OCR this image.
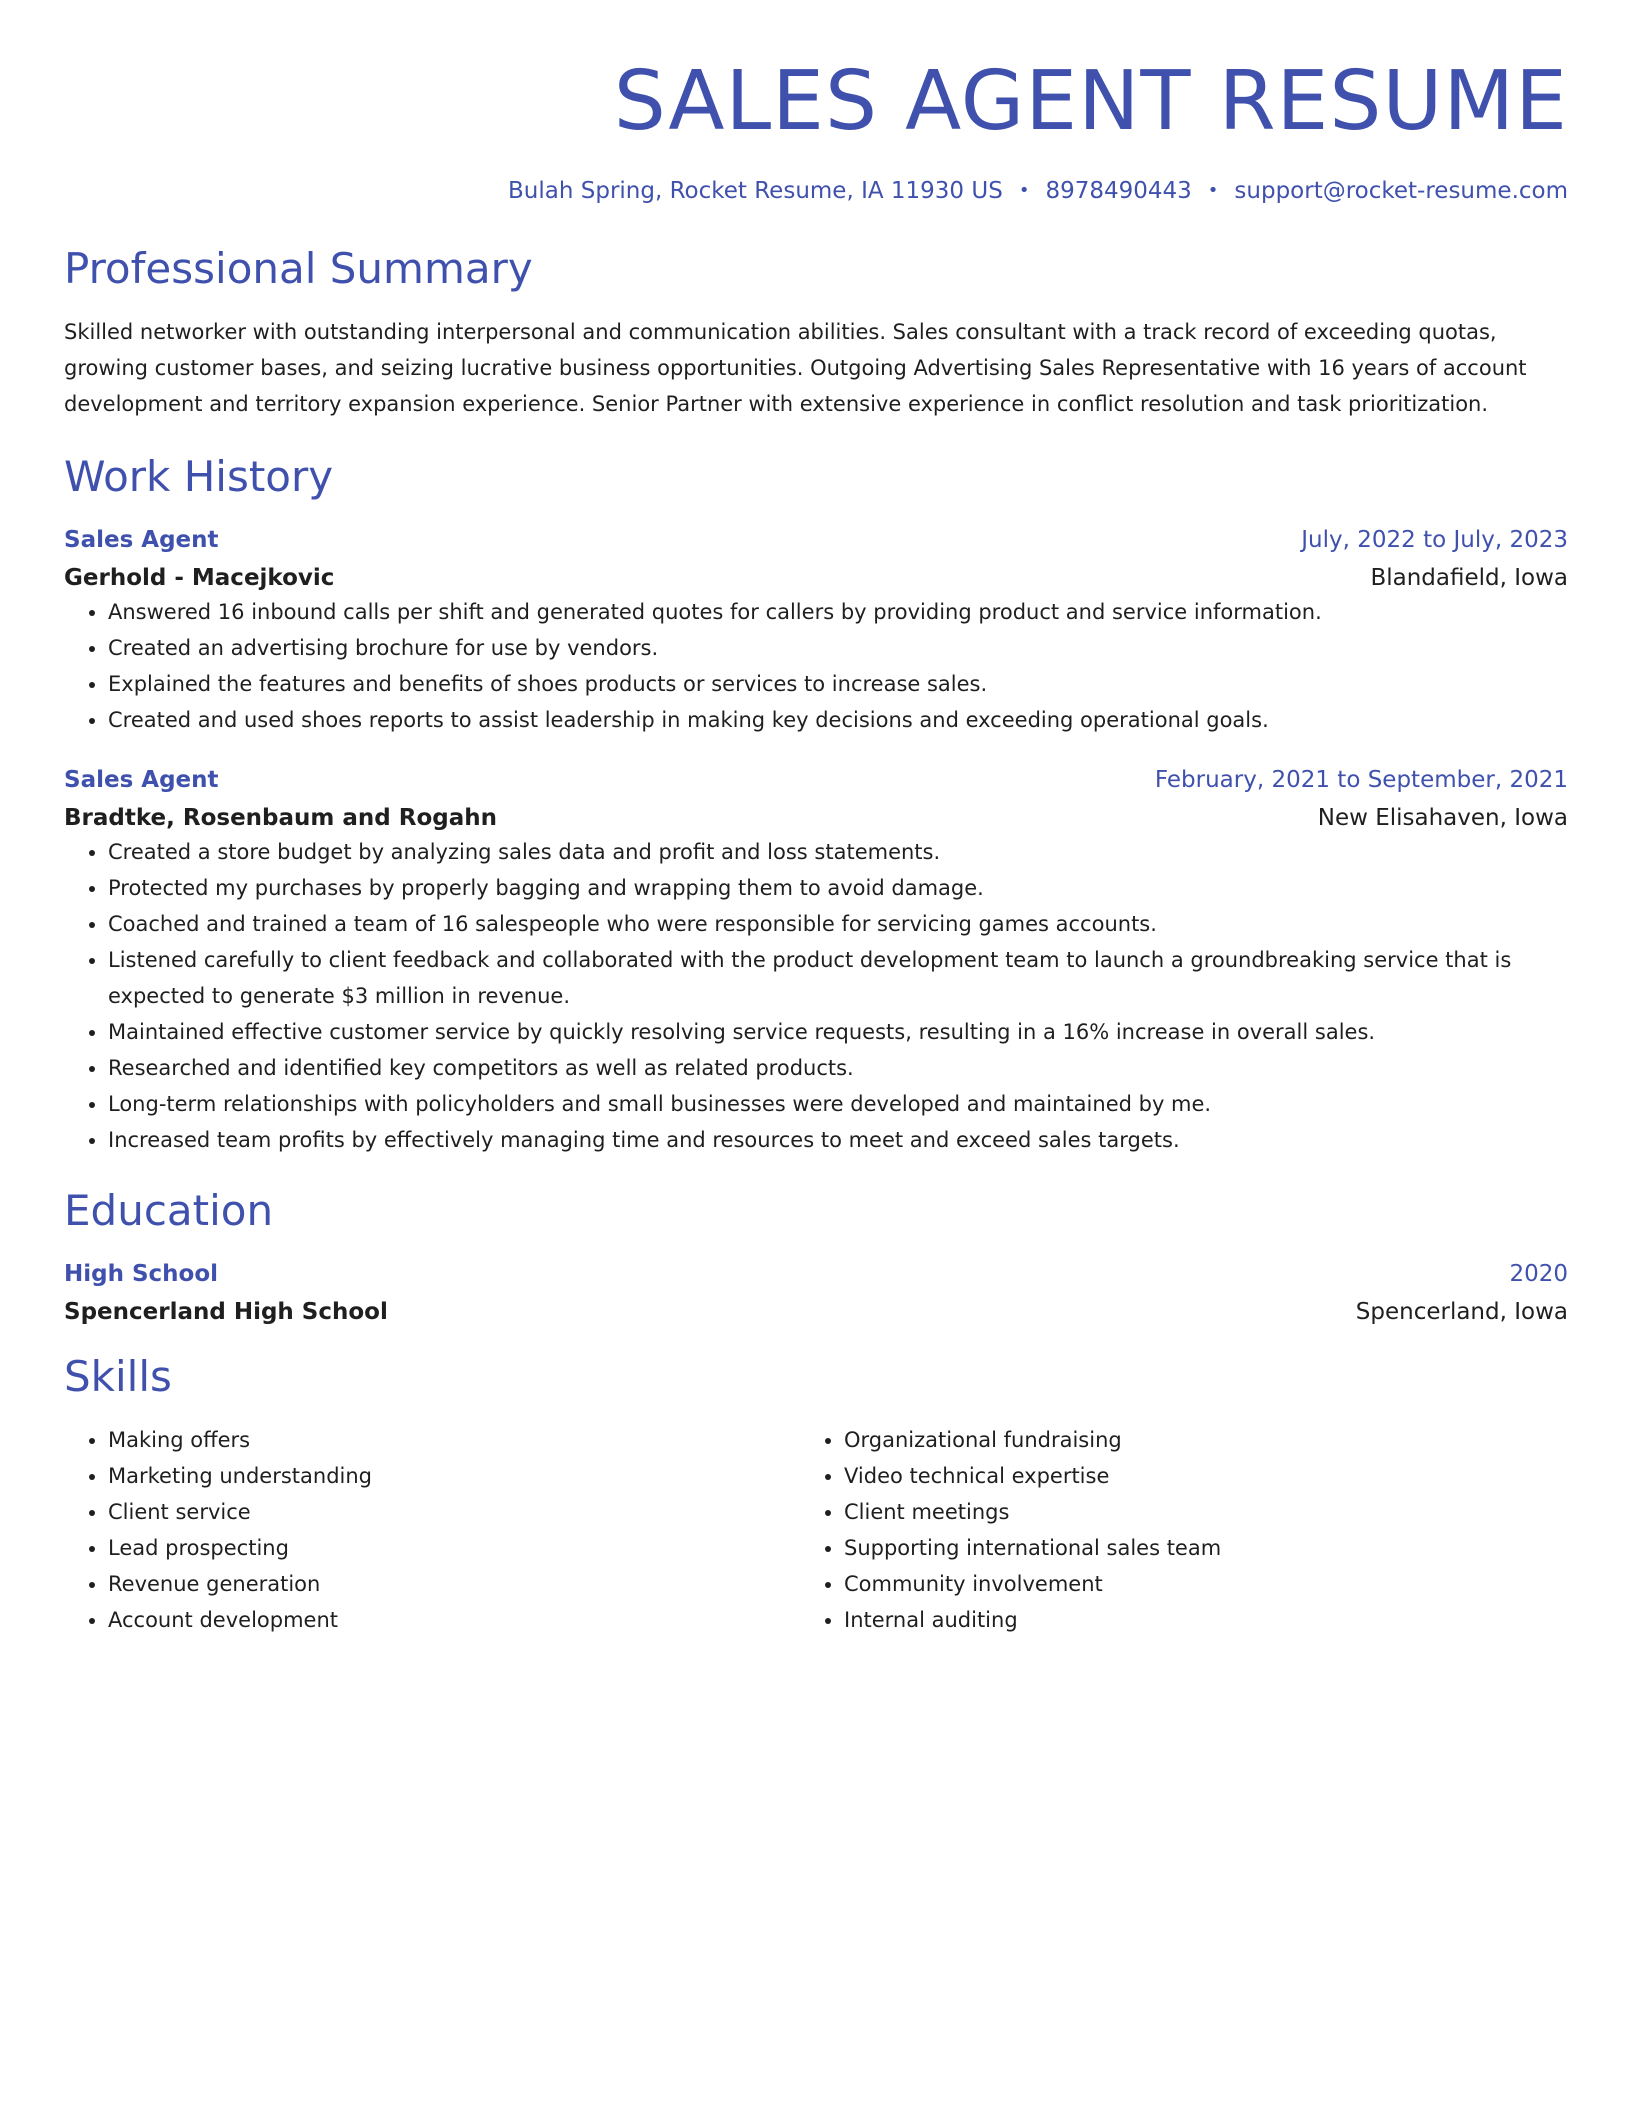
SALES AGENT RESUME
Bulah Spring, Rocket Resume, IA 11930 US • 8978490443 • support@rocket-resume.com
Professional Summary
Skilled networker with outstanding interpersonal and communication abilities. Sales consultant with a track record of exceeding quotas, growing customer bases, and seizing lucrative business opportunities. Outgoing Advertising Sales Representative with 16 years of account development and territory expansion experience. Senior Partner with extensive experience in conflict resolution and task prioritization.
Work History
Sales Agent	July, 2022 to July, 2023
Gerhold - Macejkovic	Blandafield, Iowa
• Answered 16 inbound calls per shift and generated quotes for callers by providing product and service information.
• Created an advertising brochure for use by vendors.
• Explained the features and benefits of shoes products or services to increase sales.
• Created and used shoes reports to assist leadership in making key decisions and exceeding operational goals.
Sales Agent	February, 2021 to September, 2021
Bradtke, Rosenbaum and Rogahn	New Elisahaven, Iowa
• Created a store budget by analyzing sales data and profit and loss statements.
• Protected my purchases by properly bagging and wrapping them to avoid damage.
• Coached and trained a team of 16 salespeople who were responsible for servicing games accounts.
• Listened carefully to client feedback and collaborated with the product development team to launch a groundbreaking service that is expected to generate $3 million in revenue.
• Maintained effective customer service by quickly resolving service requests, resulting in a 16% increase in overall sales.
• Researched and identified key competitors as well as related products.
• Long-term relationships with policyholders and small businesses were developed and maintained by me.
• Increased team profits by effectively managing time and resources to meet and exceed sales targets.
Education
High School	2020
Spencerland High School	Spencerland, Iowa
Skills
• Making offers
• Marketing understanding
• Client service
• Lead prospecting
• Revenue generation
• Account development
• Organizational fundraising
• Video technical expertise
• Client meetings
• Supporting international sales team
• Community involvement
• Internal auditing
